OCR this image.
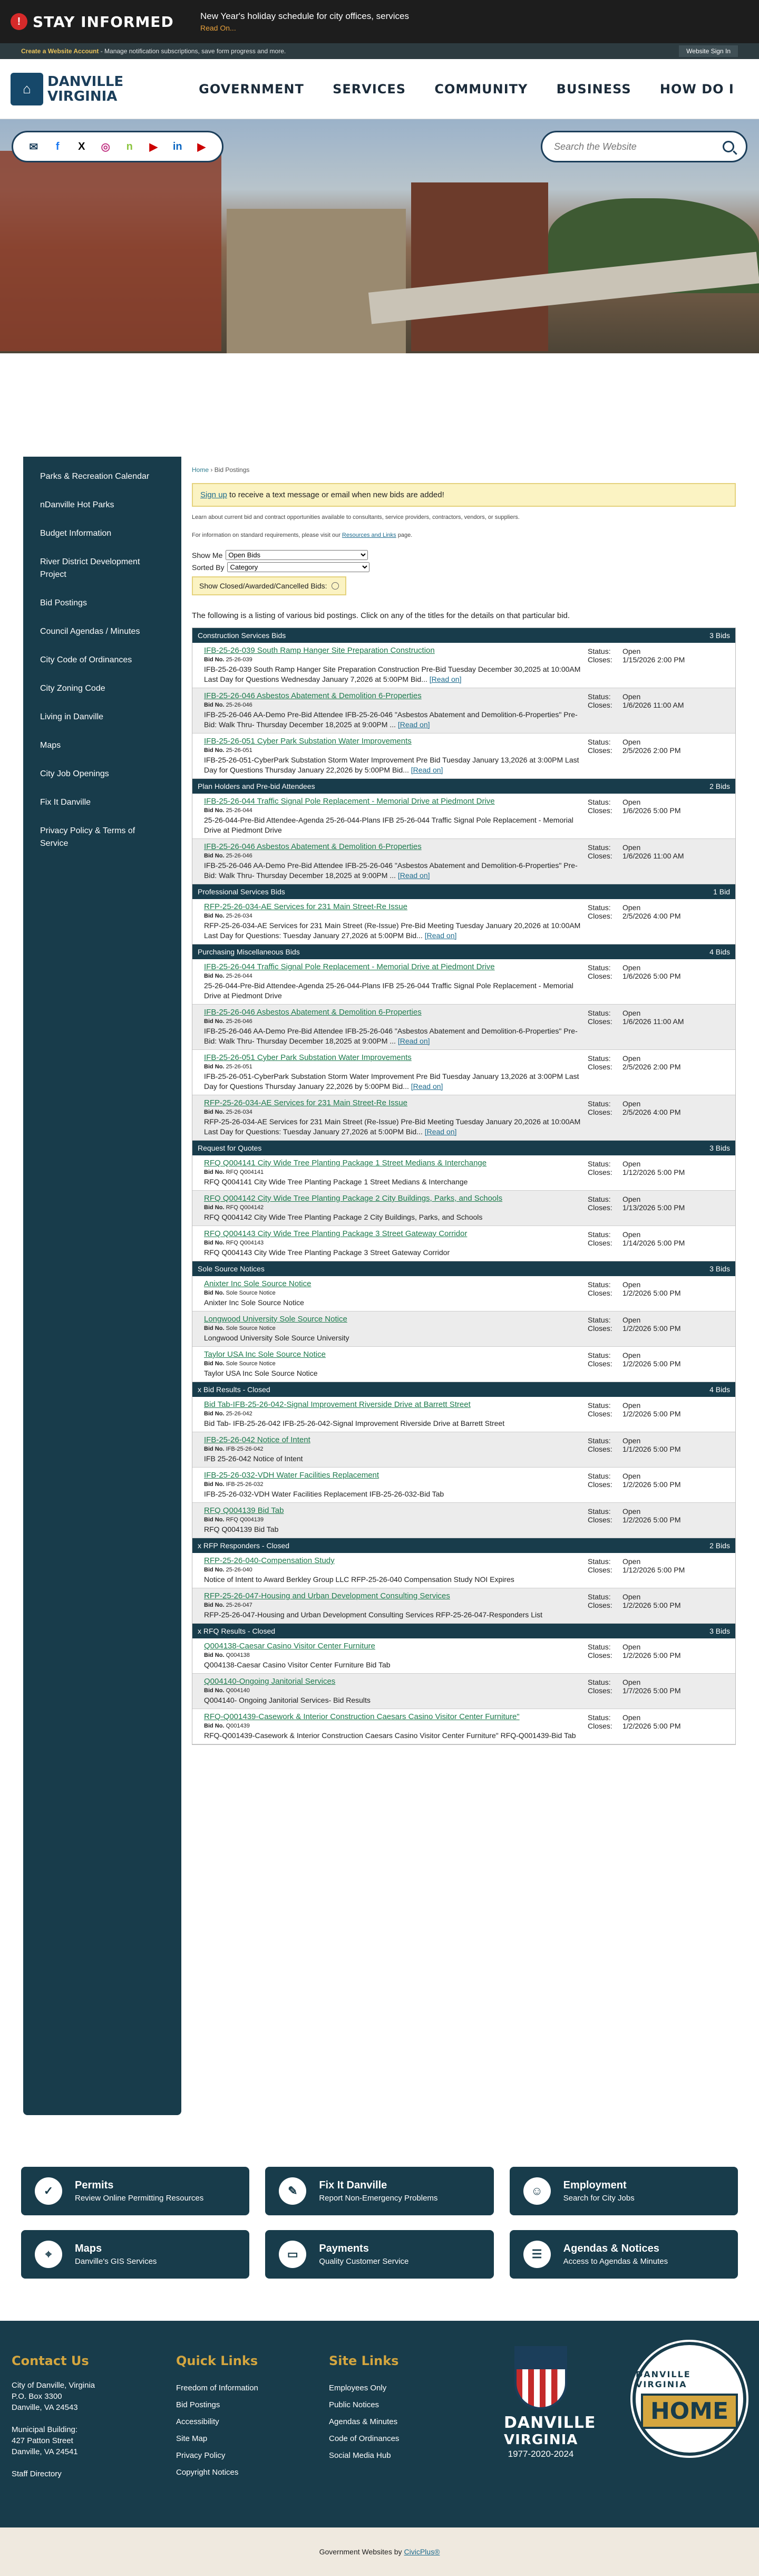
! STAY INFORMED	New Year's holiday schedule for city offices, services
Read On...
Create a Website Account - Manage notification subscriptions, save form progress and more.	Website Sign In
⌂	DANVILLE
VIRGINIA	GOVERNMENT SERVICES COMMUNITY BUSINESS HOW DO I
✉	f	X	◎	n	▶	in	▶
Search the Website
Parks & Recreation Calendar
nDanville Hot Parks
Budget Information
River District Development Project
Bid Postings
Council Agendas / Minutes
City Code of Ordinances
City Zoning Code
Living in Danville
Maps
City Job Openings
Fix It Danville
Privacy Policy & Terms of Service
Home › Bid Postings
Sign up to receive a text message or email when new bids are added!
Learn about current bid and contract opportunities available to consultants, service providers, contractors, vendors, or suppliers.
For information on standard requirements, please visit our Resources and Links page.
Show Me
Open Bids
Sorted By
Category
Show Closed/Awarded/Cancelled Bids:

The following is a listing of various bid postings. Click on any of the titles for the details on that particular bid.

Construction Services Bids	3 Bids
IFB-25-26-039 South Ramp Hanger Site Preparation Construction
Bid No. 25-26-039
IFB-25-26-039 South Ramp Hanger Site Preparation Construction Pre-Bid Tuesday December 30,2025 at 10:00AM Last Day for Questions Wednesday January 7,2026 at 5:00PM Bid... [Read on]
Status:	Open
Closes:	1/15/2026 2:00 PM
IFB-25-26-046 Asbestos Abatement & Demolition 6-Properties
Bid No. 25-26-046
IFB-25-26-046 AA-Demo Pre-Bid Attendee IFB-25-26-046 "Asbestos Abatement and Demolition-6-Properties" Pre-Bid: Walk Thru- Thursday December 18,2025 at 9:00PM ... [Read on]
Status:	Open
Closes:	1/6/2026 11:00 AM
IFB-25-26-051 Cyber Park Substation Water Improvements
Bid No. 25-26-051
IFB-25-26-051-CyberPark Substation Storm Water Improvement Pre Bid Tuesday January 13,2026 at 3:00PM Last Day for Questions Thursday January 22,2026 by 5:00PM Bid... [Read on]
Status:	Open
Closes:	2/5/2026 2:00 PM
Plan Holders and Pre-bid Attendees	2 Bids
IFB-25-26-044 Traffic Signal Pole Replacement - Memorial Drive at Piedmont Drive
Bid No. 25-26-044
25-26-044-Pre-Bid Attendee-Agenda 25-26-044-Plans IFB 25-26-044 Traffic Signal Pole Replacement - Memorial Drive at Piedmont Drive
Status:	Open
Closes:	1/6/2026 5:00 PM
IFB-25-26-046 Asbestos Abatement & Demolition 6-Properties
Bid No. 25-26-046
IFB-25-26-046 AA-Demo Pre-Bid Attendee IFB-25-26-046 "Asbestos Abatement and Demolition-6-Properties" Pre-Bid: Walk Thru- Thursday December 18,2025 at 9:00PM ... [Read on]
Status:	Open
Closes:	1/6/2026 11:00 AM
Professional Services Bids	1 Bid
RFP-25-26-034-AE Services for 231 Main Street-Re Issue
Bid No. 25-26-034
RFP-25-26-034-AE Services for 231 Main Street (Re-Issue) Pre-Bid Meeting Tuesday January 20,2026 at 10:00AM Last Day for Questions: Tuesday January 27,2026 at 5:00PM Bid... [Read on]
Status:	Open
Closes:	2/5/2026 4:00 PM
Purchasing Miscellaneous Bids	4 Bids
IFB-25-26-044 Traffic Signal Pole Replacement - Memorial Drive at Piedmont Drive
Bid No. 25-26-044
25-26-044-Pre-Bid Attendee-Agenda 25-26-044-Plans IFB 25-26-044 Traffic Signal Pole Replacement - Memorial Drive at Piedmont Drive
Status:	Open
Closes:	1/6/2026 5:00 PM
IFB-25-26-046 Asbestos Abatement & Demolition 6-Properties
Bid No. 25-26-046
IFB-25-26-046 AA-Demo Pre-Bid Attendee IFB-25-26-046 "Asbestos Abatement and Demolition-6-Properties" Pre-Bid: Walk Thru- Thursday December 18,2025 at 9:00PM ... [Read on]
Status:	Open
Closes:	1/6/2026 11:00 AM
IFB-25-26-051 Cyber Park Substation Water Improvements
Bid No. 25-26-051
IFB-25-26-051-CyberPark Substation Storm Water Improvement Pre Bid Tuesday January 13,2026 at 3:00PM Last Day for Questions Thursday January 22,2026 by 5:00PM Bid... [Read on]
Status:	Open
Closes:	2/5/2026 2:00 PM
RFP-25-26-034-AE Services for 231 Main Street-Re Issue
Bid No. 25-26-034
RFP-25-26-034-AE Services for 231 Main Street (Re-Issue) Pre-Bid Meeting Tuesday January 20,2026 at 10:00AM Last Day for Questions: Tuesday January 27,2026 at 5:00PM Bid... [Read on]
Status:	Open
Closes:	2/5/2026 4:00 PM
Request for Quotes	3 Bids
RFQ Q004141 City Wide Tree Planting Package 1 Street Medians & Interchange
Bid No. RFQ Q004141
RFQ Q004141 City Wide Tree Planting Package 1 Street Medians & Interchange
Status:	Open
Closes:	1/12/2026 5:00 PM
RFQ Q004142 City Wide Tree Planting Package 2 City Buildings, Parks, and Schools
Bid No. RFQ Q004142
RFQ Q004142 City Wide Tree Planting Package 2 City Buildings, Parks, and Schools
Status:	Open
Closes:	1/13/2026 5:00 PM
RFQ Q004143 City Wide Tree Planting Package 3 Street Gateway Corridor
Bid No. RFQ Q004143
RFQ Q004143 City Wide Tree Planting Package 3 Street Gateway Corridor
Status:	Open
Closes:	1/14/2026 5:00 PM
Sole Source Notices	3 Bids
Anixter Inc Sole Source Notice
Bid No. Sole Source Notice
Anixter Inc Sole Source Notice
Status:	Open
Closes:	1/2/2026 5:00 PM
Longwood University Sole Source Notice
Bid No. Sole Source Notice
Longwood University Sole Source University
Status:	Open
Closes:	1/2/2026 5:00 PM
Taylor USA Inc Sole Source Notice
Bid No. Sole Source Notice
Taylor USA Inc Sole Source Notice
Status:	Open
Closes:	1/2/2026 5:00 PM
x Bid Results - Closed	4 Bids
Bid Tab-IFB-25-26-042-Signal Improvement Riverside Drive at Barrett Street
Bid No. 25-26-042
Bid Tab- IFB-25-26-042 IFB-25-26-042-Signal Improvement Riverside Drive at Barrett Street
Status:	Open
Closes:	1/2/2026 5:00 PM
IFB-25-26-042 Notice of Intent
Bid No. IFB-25-26-042
IFB 25-26-042 Notice of Intent
Status:	Open
Closes:	1/1/2026 5:00 PM
IFB-25-26-032-VDH Water Facilities Replacement
Bid No. IFB-25-26-032
IFB-25-26-032-VDH Water Facilities Replacement IFB-25-26-032-Bid Tab
Status:	Open
Closes:	1/2/2026 5:00 PM
RFQ Q004139 Bid Tab
Bid No. RFQ Q004139
RFQ Q004139 Bid Tab
Status:	Open
Closes:	1/2/2026 5:00 PM
x RFP Responders - Closed	2 Bids
RFP-25-26-040-Compensation Study
Bid No. 25-26-040
Notice of Intent to Award Berkley Group LLC RFP-25-26-040 Compensation Study NOI Expires
Status:	Open
Closes:	1/12/2026 5:00 PM
RFP-25-26-047-Housing and Urban Development Consulting Services
Bid No. 25-26-047
RFP-25-26-047-Housing and Urban Development Consulting Services RFP-25-26-047-Responders List
Status:	Open
Closes:	1/2/2026 5:00 PM
x RFQ Results - Closed	3 Bids
Q004138-Caesar Casino Visitor Center Furniture
Bid No. Q004138
Q004138-Caesar Casino Visitor Center Furniture Bid Tab
Status:	Open
Closes:	1/2/2026 5:00 PM
Q004140-Ongoing Janitorial Services
Bid No. Q004140
Q004140- Ongoing Janitorial Services- Bid Results
Status:	Open
Closes:	1/7/2026 5:00 PM
RFQ-Q001439-Casework & Interior Construction Caesars Casino Visitor Center Furniture"
Bid No. Q001439
RFQ-Q001439-Casework & Interior Construction Caesars Casino Visitor Center Furniture" RFQ-Q001439-Bid Tab
Status:	Open
Closes:	1/2/2026 5:00 PM
✓	Permits
Review Online Permitting Resources
✎	Fix It Danville
Report Non-Emergency Problems
☺	Employment
Search for City Jobs
⌖	Maps
Danville's GIS Services
▭	Payments
Quality Customer Service
☰	Agendas & Notices
Access to Agendas & Minutes
Contact Us

City of Danville, Virginia

P.O. Box 3300

Danville, VA 24543

Municipal Building:

427 Patton Street

Danville, VA 24541

Staff Directory
Quick Links
Freedom of Information
Bid Postings
Accessibility
Site Map
Privacy Policy
Copyright Notices
Site Links
Employees Only
Public Notices
Agendas & Minutes
Code of Ordinances
Social Media Hub
DANVILLE
VIRGINIA
1977-2020-2024
DANVILLE VIRGINIA
HOME
Government Websites by CivicPlus®
